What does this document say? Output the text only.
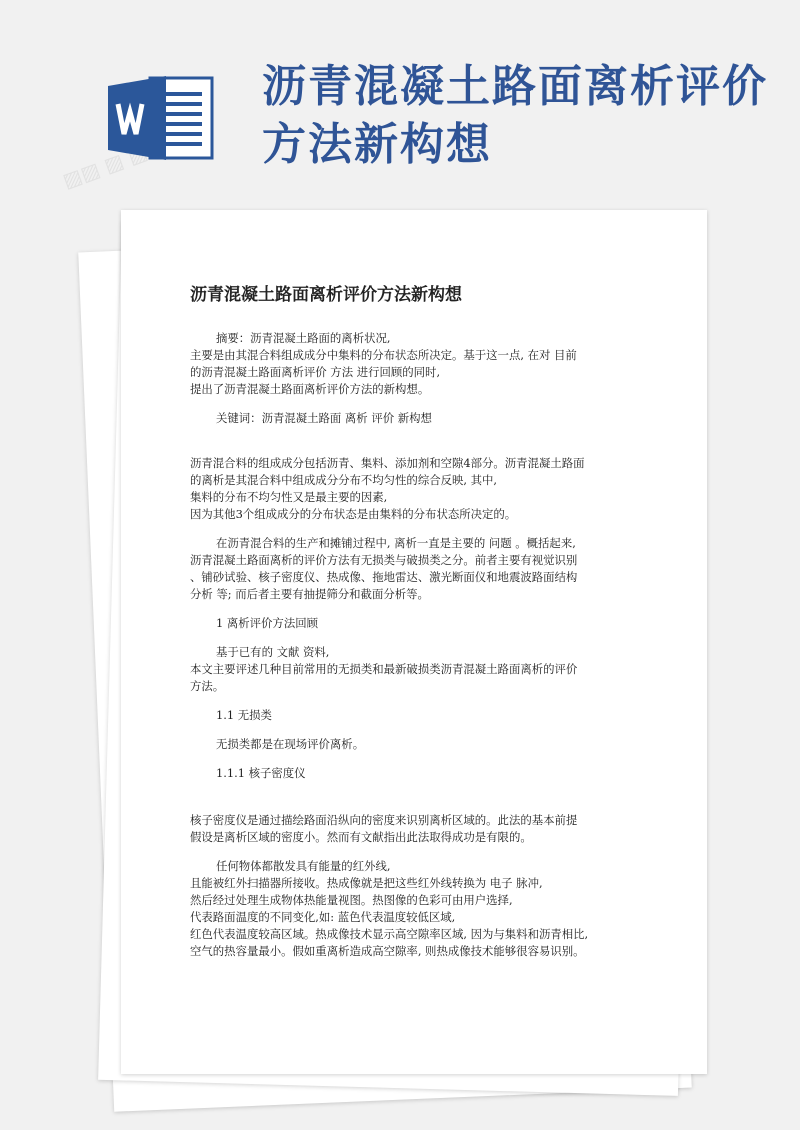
▨▨ ▨ ▨ ▨
沥青混凝土路面离析评价方法新构想
沥青混凝土路面离析评价方法新构想
摘要：沥青混凝土路面的离析状况,
主要是由其混合料组成成分中集料的分布状态所决定。基于这一点, 在对 目前
的沥青混凝土路面离析评价 方法 进行回顾的同时,
提出了沥青混凝土路面离析评价方法的新构想。
关键词：沥青混凝土路面 离析 评价 新构想
沥青混合料的组成成分包括沥青、集料、添加剂和空隙4部分。沥青混凝土路面
的离析是其混合料中组成成分分布不均匀性的综合反映, 其中,
集料的分布不均匀性又是最主要的因素,
因为其他3个组成成分的分布状态是由集料的分布状态所决定的。
在沥青混合料的生产和摊铺过程中, 离析一直是主要的 问题 。概括起来,
沥青混凝土路面离析的评价方法有无损类与破损类之分。前者主要有视觉识别
、铺砂试验、核子密度仪、热成像、拖地雷达、激光断面仪和地震波路面结构
分析 等; 而后者主要有抽提筛分和截面分析等。
1 离析评价方法回顾
基于已有的 文献 资料,
本文主要评述几种目前常用的无损类和最新破损类沥青混凝土路面离析的评价
方法。
1.1 无损类
无损类都是在现场评价离析。
1.1.1 核子密度仪
核子密度仪是通过描绘路面沿纵向的密度来识别离析区域的。此法的基本前提
假设是离析区域的密度小。然而有文献指出此法取得成功是有限的。
任何物体都散发具有能量的红外线,
且能被红外扫描器所接收。热成像就是把这些红外线转换为 电子 脉冲,
然后经过处理生成物体热能量视图。热图像的色彩可由用户选择,
代表路面温度的不同变化,如: 蓝色代表温度较低区域,
红色代表温度较高区域。热成像技术显示高空隙率区域, 因为与集料和沥青相比,
空气的热容量最小。假如重离析造成高空隙率, 则热成像技术能够很容易识别。
